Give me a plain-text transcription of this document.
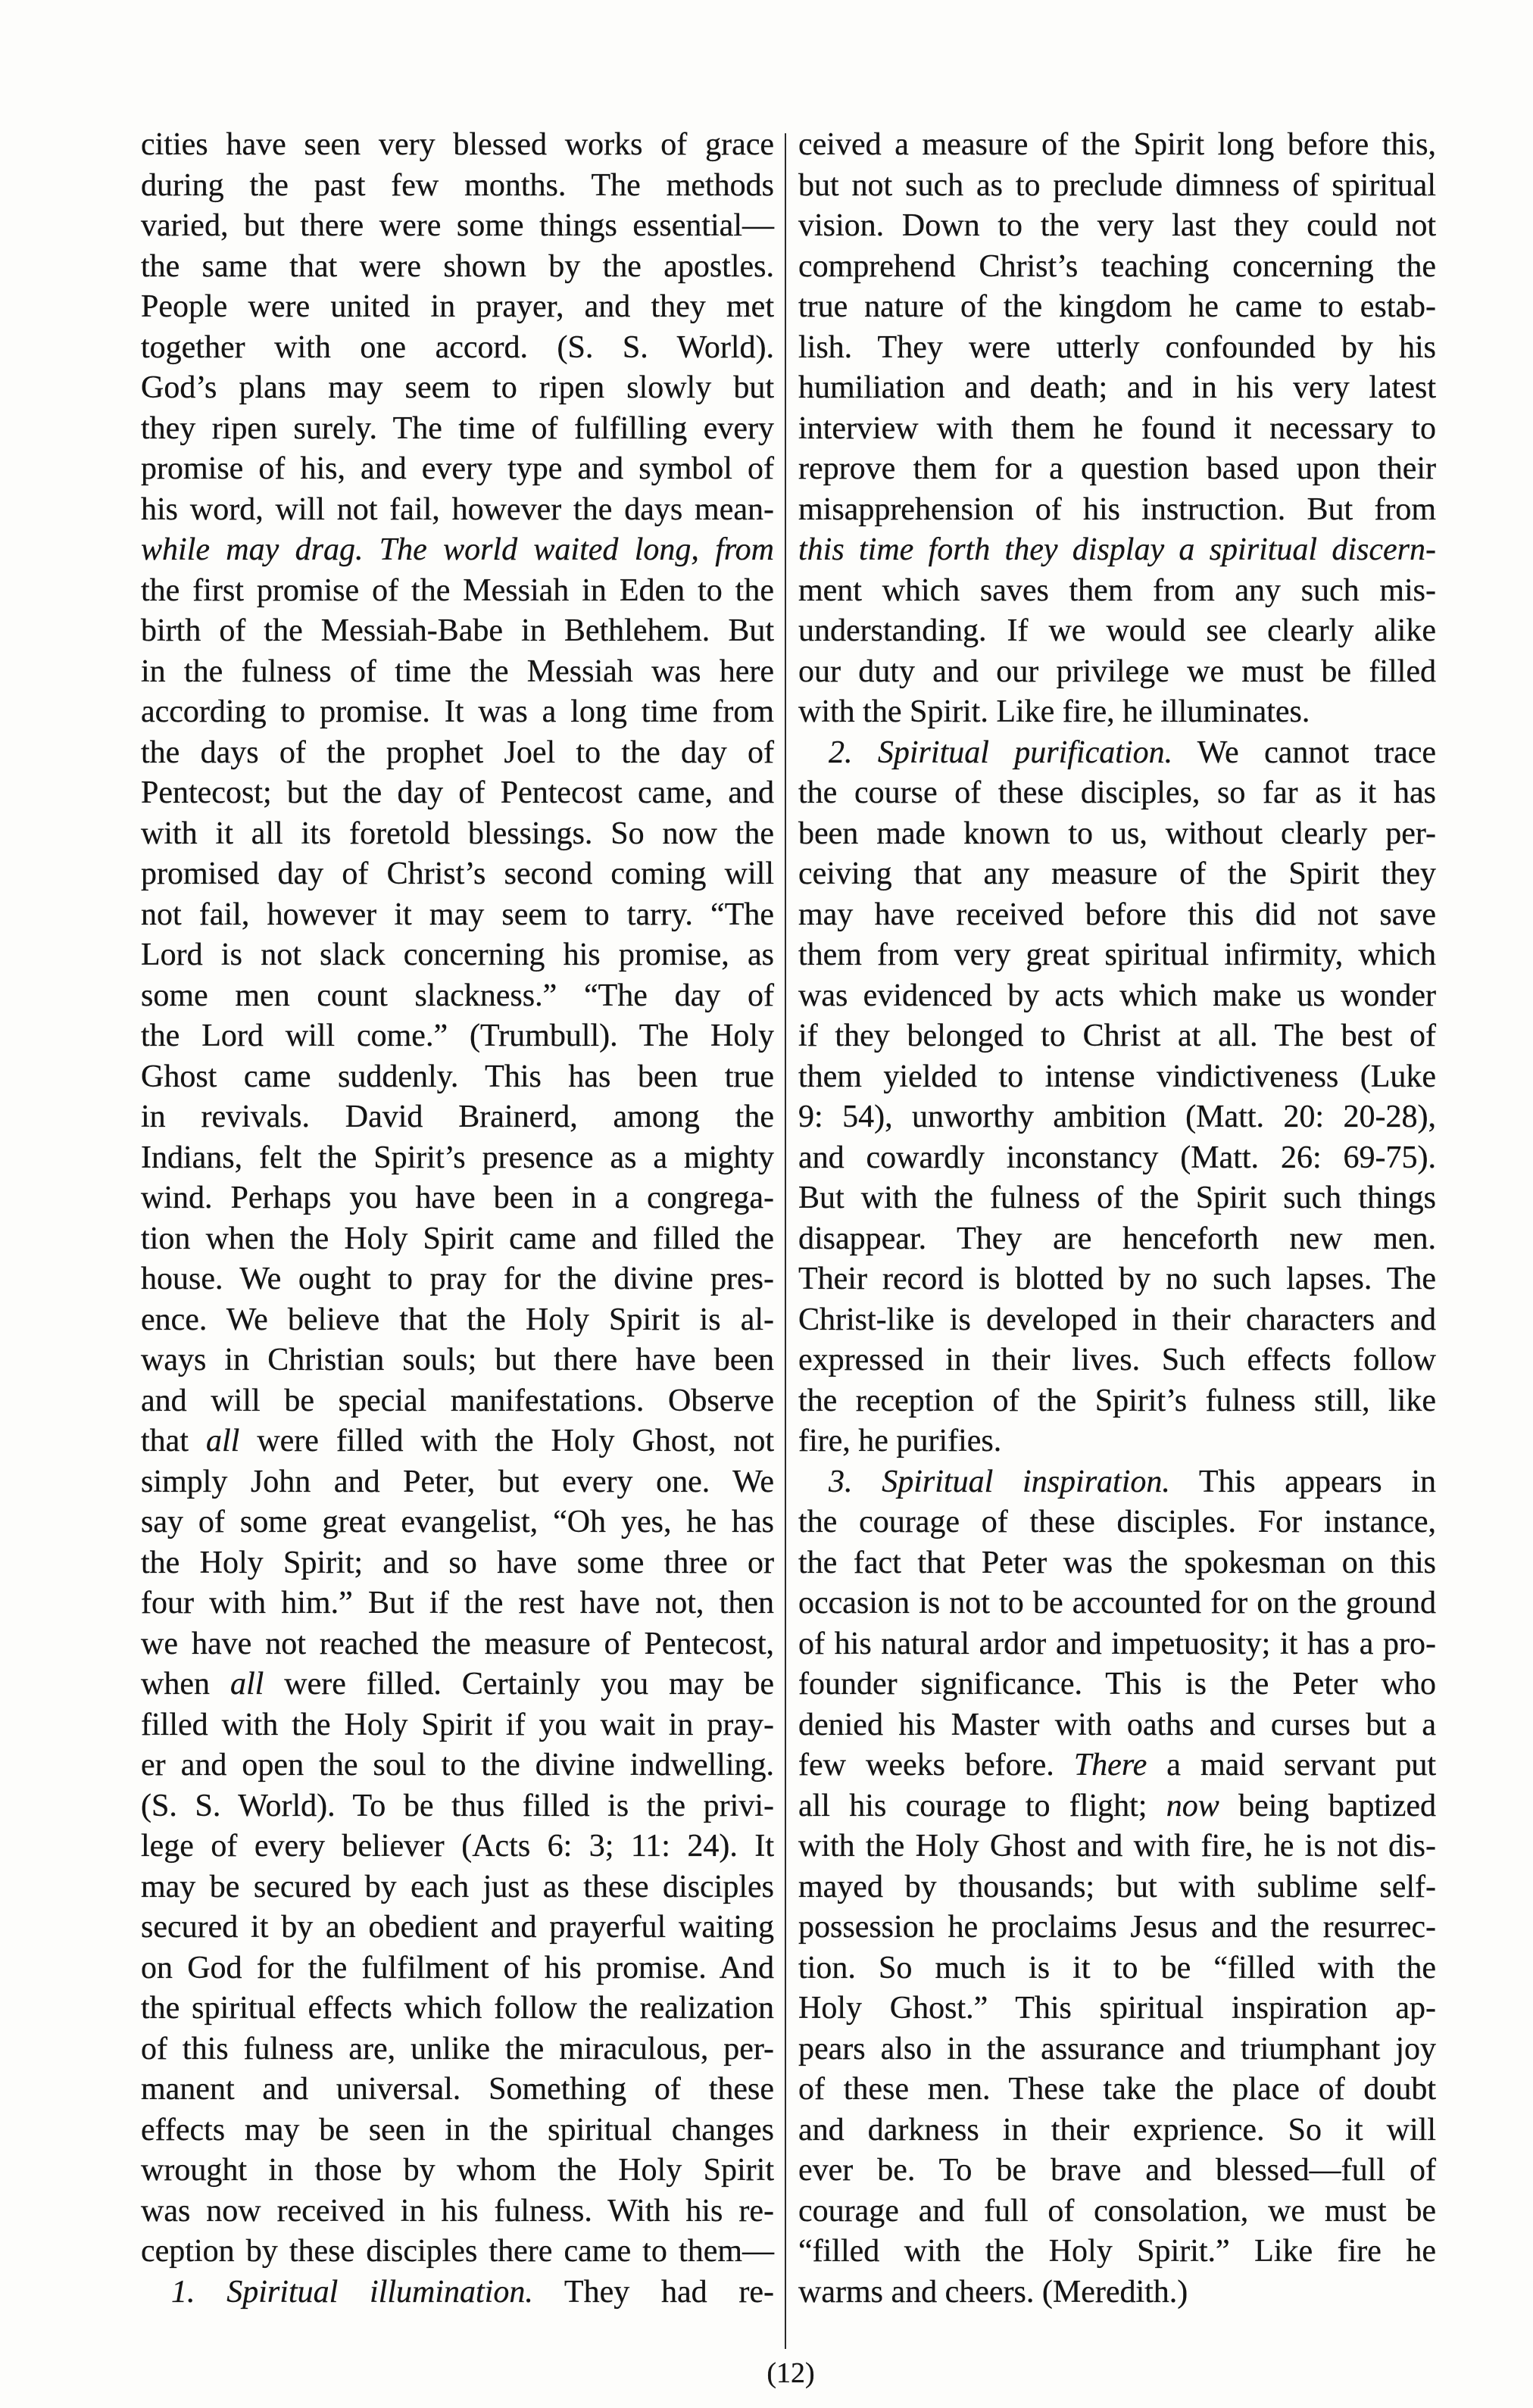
cities have seen very blessed works of grace
during the past few months. The methods
varied, but there were some things essential—
the same that were shown by the apostles.
People were united in prayer, and they met
together with one accord. (S. S. World).
God’s plans may seem to ripen slowly but
they ripen surely. The time of fulfilling every
promise of his, and every type and symbol of
his word, will not fail, however the days mean-
while may drag. The world waited long, from
the first promise of the Messiah in Eden to the
birth of the Messiah-Babe in Bethlehem. But
in the fulness of time the Messiah was here
according to promise. It was a long time from
the days of the prophet Joel to the day of
Pentecost; but the day of Pentecost came, and
with it all its foretold blessings. So now the
promised day of Christ’s second coming will
not fail, however it may seem to tarry. “The
Lord is not slack concerning his promise, as
some men count slackness.” “The day of
the Lord will come.” (Trumbull). The Holy
Ghost came suddenly. This has been true
in revivals. David Brainerd, among the
Indians, felt the Spirit’s presence as a mighty
wind. Perhaps you have been in a congrega-
tion when the Holy Spirit came and filled the
house. We ought to pray for the divine pres-
ence. We believe that the Holy Spirit is al-
ways in Christian souls; but there have been
and will be special manifestations. Observe
that all were filled with the Holy Ghost, not
simply John and Peter, but every one. We
say of some great evangelist, “Oh yes, he has
the Holy Spirit; and so have some three or
four with him.” But if the rest have not, then
we have not reached the measure of Pentecost,
when all were filled. Certainly you may be
filled with the Holy Spirit if you wait in pray-
er and open the soul to the divine indwelling.
(S. S. World). To be thus filled is the privi-
lege of every believer (Acts 6: 3; 11: 24). It
may be secured by each just as these disciples
secured it by an obedient and prayerful waiting
on God for the fulfilment of his promise. And
the spiritual effects which follow the realization
of this fulness are, unlike the miraculous, per-
manent and universal. Something of these
effects may be seen in the spiritual changes
wrought in those by whom the Holy Spirit
was now received in his fulness. With his re-
ception by these disciples there came to them—
1. Spiritual illumination. They had re-
ceived a measure of the Spirit long before this,
but not such as to preclude dimness of spiritual
vision. Down to the very last they could not
comprehend Christ’s teaching concerning the
true nature of the kingdom he came to estab-
lish. They were utterly confounded by his
humiliation and death; and in his very latest
interview with them he found it necessary to
reprove them for a question based upon their
misapprehension of his instruction. But from
this time forth they display a spiritual discern-
ment which saves them from any such mis-
understanding. If we would see clearly alike
our duty and our privilege we must be filled
with the Spirit. Like fire, he illuminates.
2. Spiritual purification. We cannot trace
the course of these disciples, so far as it has
been made known to us, without clearly per-
ceiving that any measure of the Spirit they
may have received before this did not save
them from very great spiritual infirmity, which
was evidenced by acts which make us wonder
if they belonged to Christ at all. The best of
them yielded to intense vindictiveness (Luke
9: 54), unworthy ambition (Matt. 20: 20-28),
and cowardly inconstancy (Matt. 26: 69-75).
But with the fulness of the Spirit such things
disappear. They are henceforth new men.
Their record is blotted by no such lapses. The
Christ-like is developed in their characters and
expressed in their lives. Such effects follow
the reception of the Spirit’s fulness still, like
fire, he purifies.
3. Spiritual inspiration. This appears in
the courage of these disciples. For instance,
the fact that Peter was the spokesman on this
occasion is not to be accounted for on the ground
of his natural ardor and impetuosity; it has a pro-
founder significance. This is the Peter who
denied his Master with oaths and curses but a
few weeks before. There a maid servant put
all his courage to flight; now being baptized
with the Holy Ghost and with fire, he is not dis-
mayed by thousands; but with sublime self-
possession he proclaims Jesus and the resurrec-
tion. So much is it to be “filled with the
Holy Ghost.” This spiritual inspiration ap-
pears also in the assurance and triumphant joy
of these men. These take the place of doubt
and darkness in their exprience. So it will
ever be. To be brave and blessed—full of
courage and full of consolation, we must be
“filled with the Holy Spirit.” Like fire he
warms and cheers. (Meredith.)
(12)
